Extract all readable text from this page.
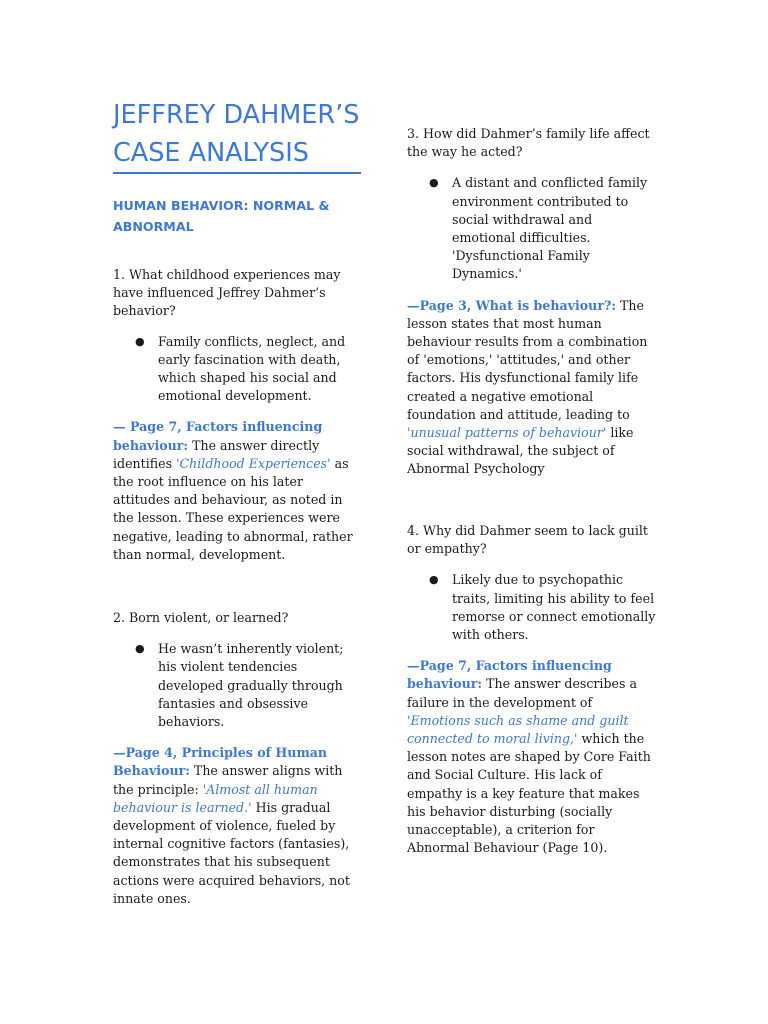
JEFFREY DAHMER’S CASE ANALYSIS
HUMAN BEHAVIOR: NORMAL & ABNORMAL

1. What childhood experiences may have influenced Jeffrey Dahmer’s behavior?

● Family conflicts, neglect, and early fascination with death, which shaped his social and emotional development.

— Page 7, Factors influencing behaviour: The answer directly identifies 'Childhood Experiences' as the root influence on his later attitudes and behaviour, as noted in the lesson. These experiences were negative, leading to abnormal, rather than normal, development.

2. Born violent, or learned?

● He wasn’t inherently violent; his violent tendencies developed gradually through fantasies and obsessive behaviors.

—Page 4, Principles of Human Behaviour: The answer aligns with the principle: 'Almost all human behaviour is learned.' His gradual development of violence, fueled by internal cognitive factors (fantasies), demonstrates that his subsequent actions were acquired behaviors, not innate ones.

3. How did Dahmer’s family life affect the way he acted?

● A distant and conflicted family environment contributed to social withdrawal and emotional difficulties. 'Dysfunctional Family Dynamics.'

—Page 3, What is behaviour?: The lesson states that most human behaviour results from a combination of 'emotions,' 'attitudes,' and other factors. His dysfunctional family life created a negative emotional foundation and attitude, leading to 'unusual patterns of behaviour' like social withdrawal, the subject of Abnormal Psychology

4. Why did Dahmer seem to lack guilt or empathy?

● Likely due to psychopathic traits, limiting his ability to feel remorse or connect emotionally with others.

—Page 7, Factors influencing behaviour: The answer describes a failure in the development of 'Emotions such as shame and guilt connected to moral living,' which the lesson notes are shaped by Core Faith and Social Culture. His lack of empathy is a key feature that makes his behavior disturbing (socially unacceptable), a criterion for Abnormal Behaviour (Page 10).
